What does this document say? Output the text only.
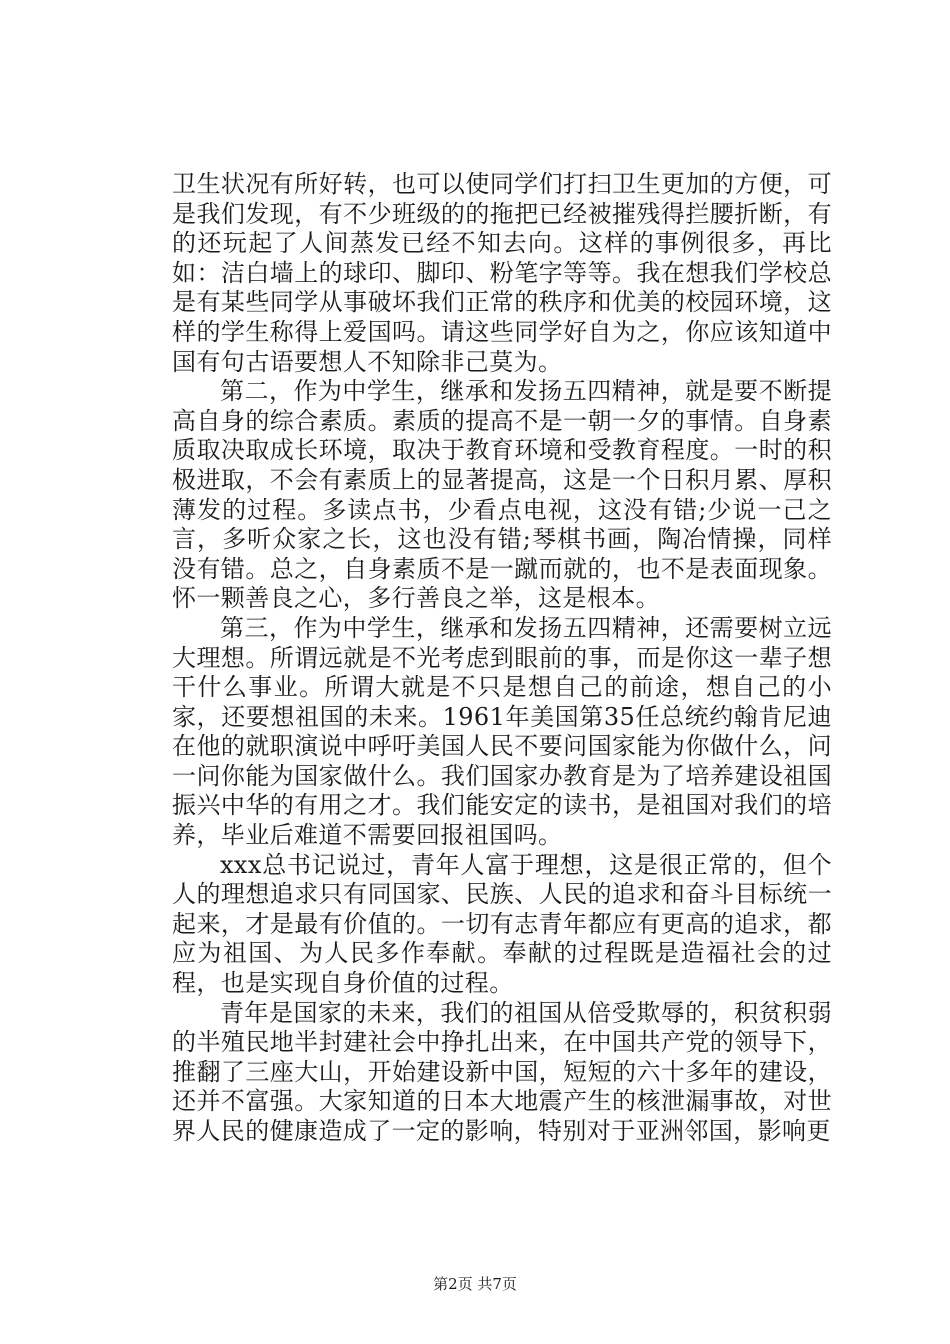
卫生状况有所好转，也可以使同学们打扫卫生更加的方便，可是我们发现，有不少班级的的拖把已经被摧残得拦腰折断，有的还玩起了人间蒸发已经不知去向。这样的事例很多，再比如：洁白墙上的球印、脚印、粉笔字等等。我在想我们学校总是有某些同学从事破坏我们正常的秩序和优美的校园环境，这样的学生称得上爱国吗。请这些同学好自为之，你应该知道中国有句古语要想人不知除非己莫为。

第二，作为中学生，继承和发扬五四精神，就是要不断提高自身的综合素质。素质的提高不是一朝一夕的事情。自身素质取决取成长环境，取决于教育环境和受教育程度。一时的积极进取，不会有素质上的显著提高，这是一个日积月累、厚积薄发的过程。多读点书，少看点电视，这没有错;少说一己之言，多听众家之长，这也没有错;琴棋书画，陶冶情操，同样没有错。总之，自身素质不是一蹴而就的，也不是表面现象。怀一颗善良之心，多行善良之举，这是根本。

第三，作为中学生，继承和发扬五四精神，还需要树立远大理想。所谓远就是不光考虑到眼前的事，而是你这一辈子想干什么事业。所谓大就是不只是想自己的前途，想自己的小家，还要想祖国的未来。1961年美国第35任总统约翰肯尼迪在他的就职演说中呼吁美国人民不要问国家能为你做什么，问一问你能为国家做什么。我们国家办教育是为了培养建设祖国振兴中华的有用之才。我们能安定的读书，是祖国对我们的培养，毕业后难道不需要回报祖国吗。

xxx总书记说过，青年人富于理想，这是很正常的，但个人的理想追求只有同国家、民族、人民的追求和奋斗目标统一起来，才是最有价值的。一切有志青年都应有更高的追求，都应为祖国、为人民多作奉献。奉献的过程既是造福社会的过程，也是实现自身价值的过程。

青年是国家的未来，我们的祖国从倍受欺辱的，积贫积弱的半殖民地半封建社会中挣扎出来，在中国共产党的领导下，推翻了三座大山，开始建设新中国，短短的六十多年的建设，还并不富强。大家知道的日本大地震产生的核泄漏事故，对世界人民的健康造成了一定的影响，特别对于亚洲邻国，影响更

第2页 共7页
